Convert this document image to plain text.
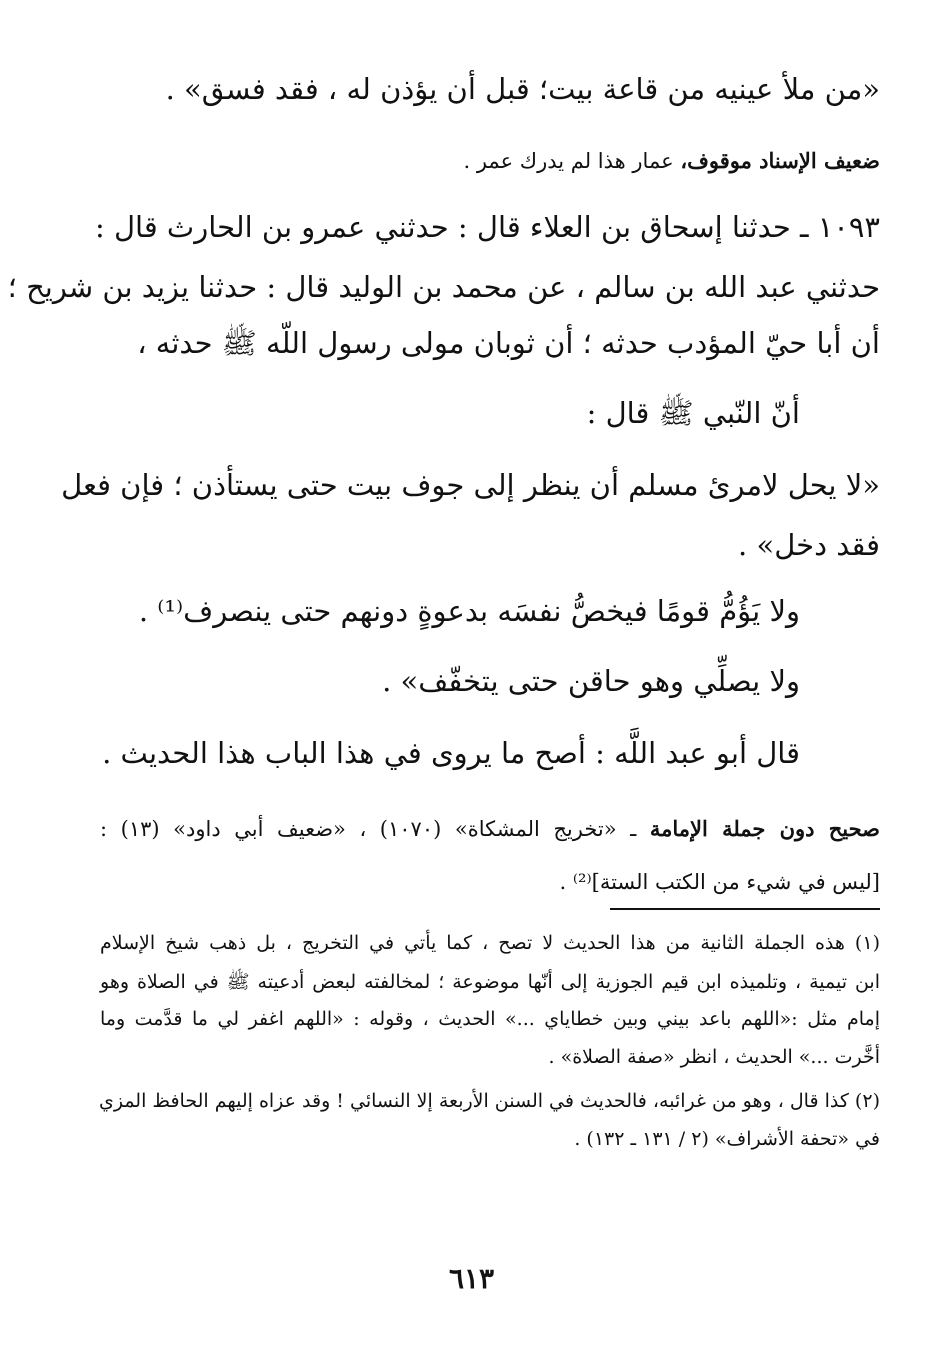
«من ملأ عينيه من قاعة بيت؛ قبل أن يؤذن له ، فقد فسق» .
ضعيف الإسناد موقوف، عمار هذا لم يدرك عمر .
١٠٩٣ ـ حدثنا إسحاق بن العلاء قال : حدثني عمرو بن الحارث قال :
حدثني عبد الله بن سالم ، عن محمد بن الوليد قال : حدثنا يزيد بن شريح ؛
أن أبا حيّ المؤدب حدثه ؛ أن ثوبان مولى رسول اللّه ﷺ حدثه ،
أنّ النّبي ﷺ قال :
«لا يحل لامرئ مسلم أن ينظر إلى جوف بيت حتى يستأذن ؛ فإن فعل
فقد دخل» .
ولا يَؤُمُّ قومًا فيخصُّ نفسَه بدعوةٍ دونهم حتى ينصرف⁽¹⁾ .
ولا يصلِّي وهو حاقن حتى يتخفّف» .
قال أبو عبد اللَّه : أصح ما يروى في هذا الباب هذا الحديث .
صحيح دون جملة الإمامة ـ «تخريج المشكاة» (١٠٧٠) ، «ضعيف أبي داود» (١٣) :
[ليس في شيء من الكتب الستة]⁽²⁾ .
(١) هذه الجملة الثانية من هذا الحديث لا تصح ، كما يأتي في التخريج ، بل ذهب شيخ الإسلام
ابن تيمية ، وتلميذه ابن قيم الجوزية إلى أنّها موضوعة ؛ لمخالفته لبعض أدعيته ﷺ في الصلاة وهو
إمام مثل :«اللهم باعد بيني وبين خطاياي ...» الحديث ، وقوله : «اللهم اغفر لي ما قدَّمت وما
أخَّرت ...» الحديث ، انظر «صفة الصلاة» .
(٢) كذا قال ، وهو من غرائبه، فالحديث في السنن الأربعة إلا النسائي ! وقد عزاه إليهم الحافظ المزي
في «تحفة الأشراف» (٢ / ١٣١ ـ ١٣٢) .
٦١٣
